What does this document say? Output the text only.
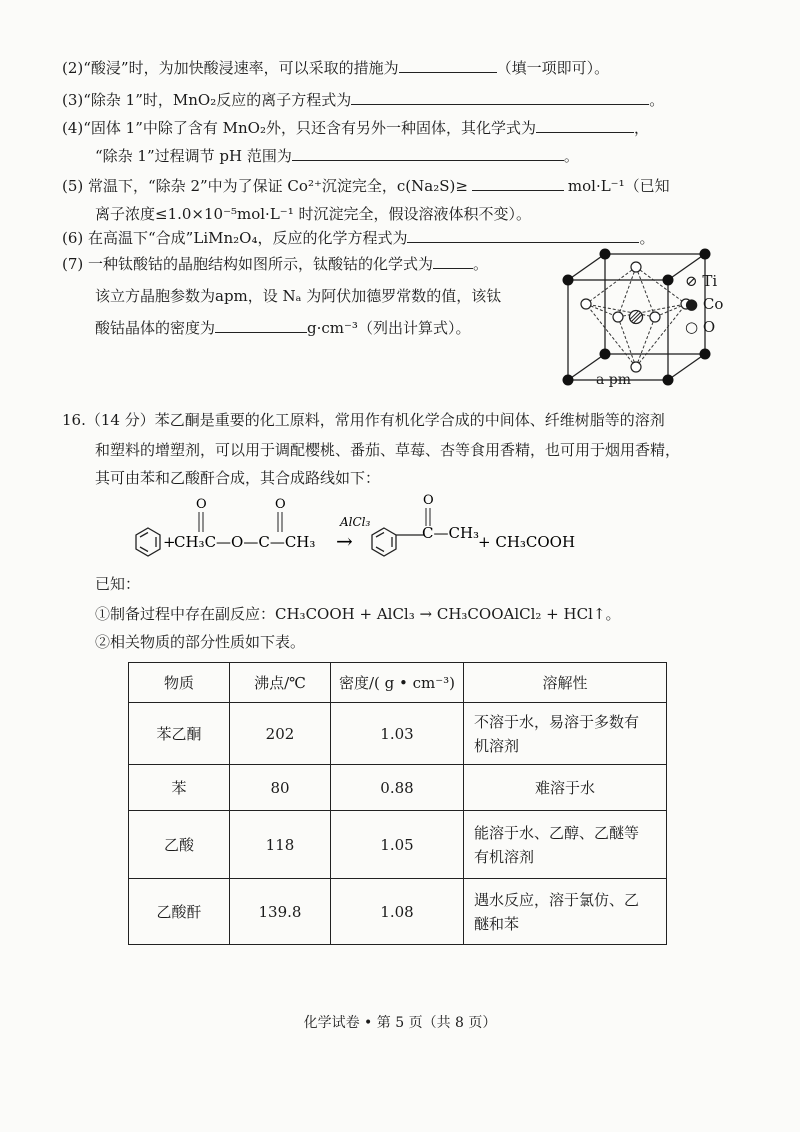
(2)“酸浸”时，为加快酸浸速率，可以采取的措施为	（填一项即可）。
(3)“除杂 1”时，MnO₂反应的离子方程式为	。
(4)“固体 1”中除了含有 MnO₂外，只还含有另外一种固体，其化学式为	，
“除杂 1”过程调节 pH 范围为	。
(5) 常温下，“除杂 2”中为了保证 Co²⁺沉淀完全，c(Na₂S)≥	mol·L⁻¹（已知
离子浓度≤1.0×10⁻⁵mol·L⁻¹ 时沉淀完全，假设溶液体积不变）。
(6) 在高温下“合成”LiMn₂O₄，反应的化学方程式为	。
(7) 一种钛酸钴的晶胞结构如图所示，钛酸钴的化学式为	。
该立方晶胞参数为apm，设 Nₐ 为阿伏加德罗常数的值，该钛
酸钴晶体的密度为	g·cm⁻³（列出计算式）。
a pm
⊘ Ti
● Co
○ O
16.（14 分）苯乙酮是重要的化工原料，常用作有机化学合成的中间体、纤维树脂等的溶剂
和塑料的增塑剂，可以用于调配樱桃、番茄、草莓、杏等食用香精，也可用于烟用香精，
其可由苯和乙酸酐合成，其合成路线如下：
+
CH₃C—O—C—CH₃
O	O
AlCl₃
→
O
C—CH₃
+ CH₃COOH
已知：
①制备过程中存在副反应：CH₃COOH + AlCl₃ → CH₃COOAlCl₂ + HCl↑。
②相关物质的部分性质如下表。
物质	沸点/℃	密度/( g • cm⁻³)	溶解性
苯乙酮	202	1.03	不溶于水，易溶于多数有
机溶剂

苯	80	0.88	难溶于水
乙酸	118	1.05	能溶于水、乙醇、乙醚等
有机溶剂

乙酸酐	139.8	1.08	遇水反应，溶于氯仿、乙
醚和苯
化学试卷 • 第 5 页（共 8 页）
